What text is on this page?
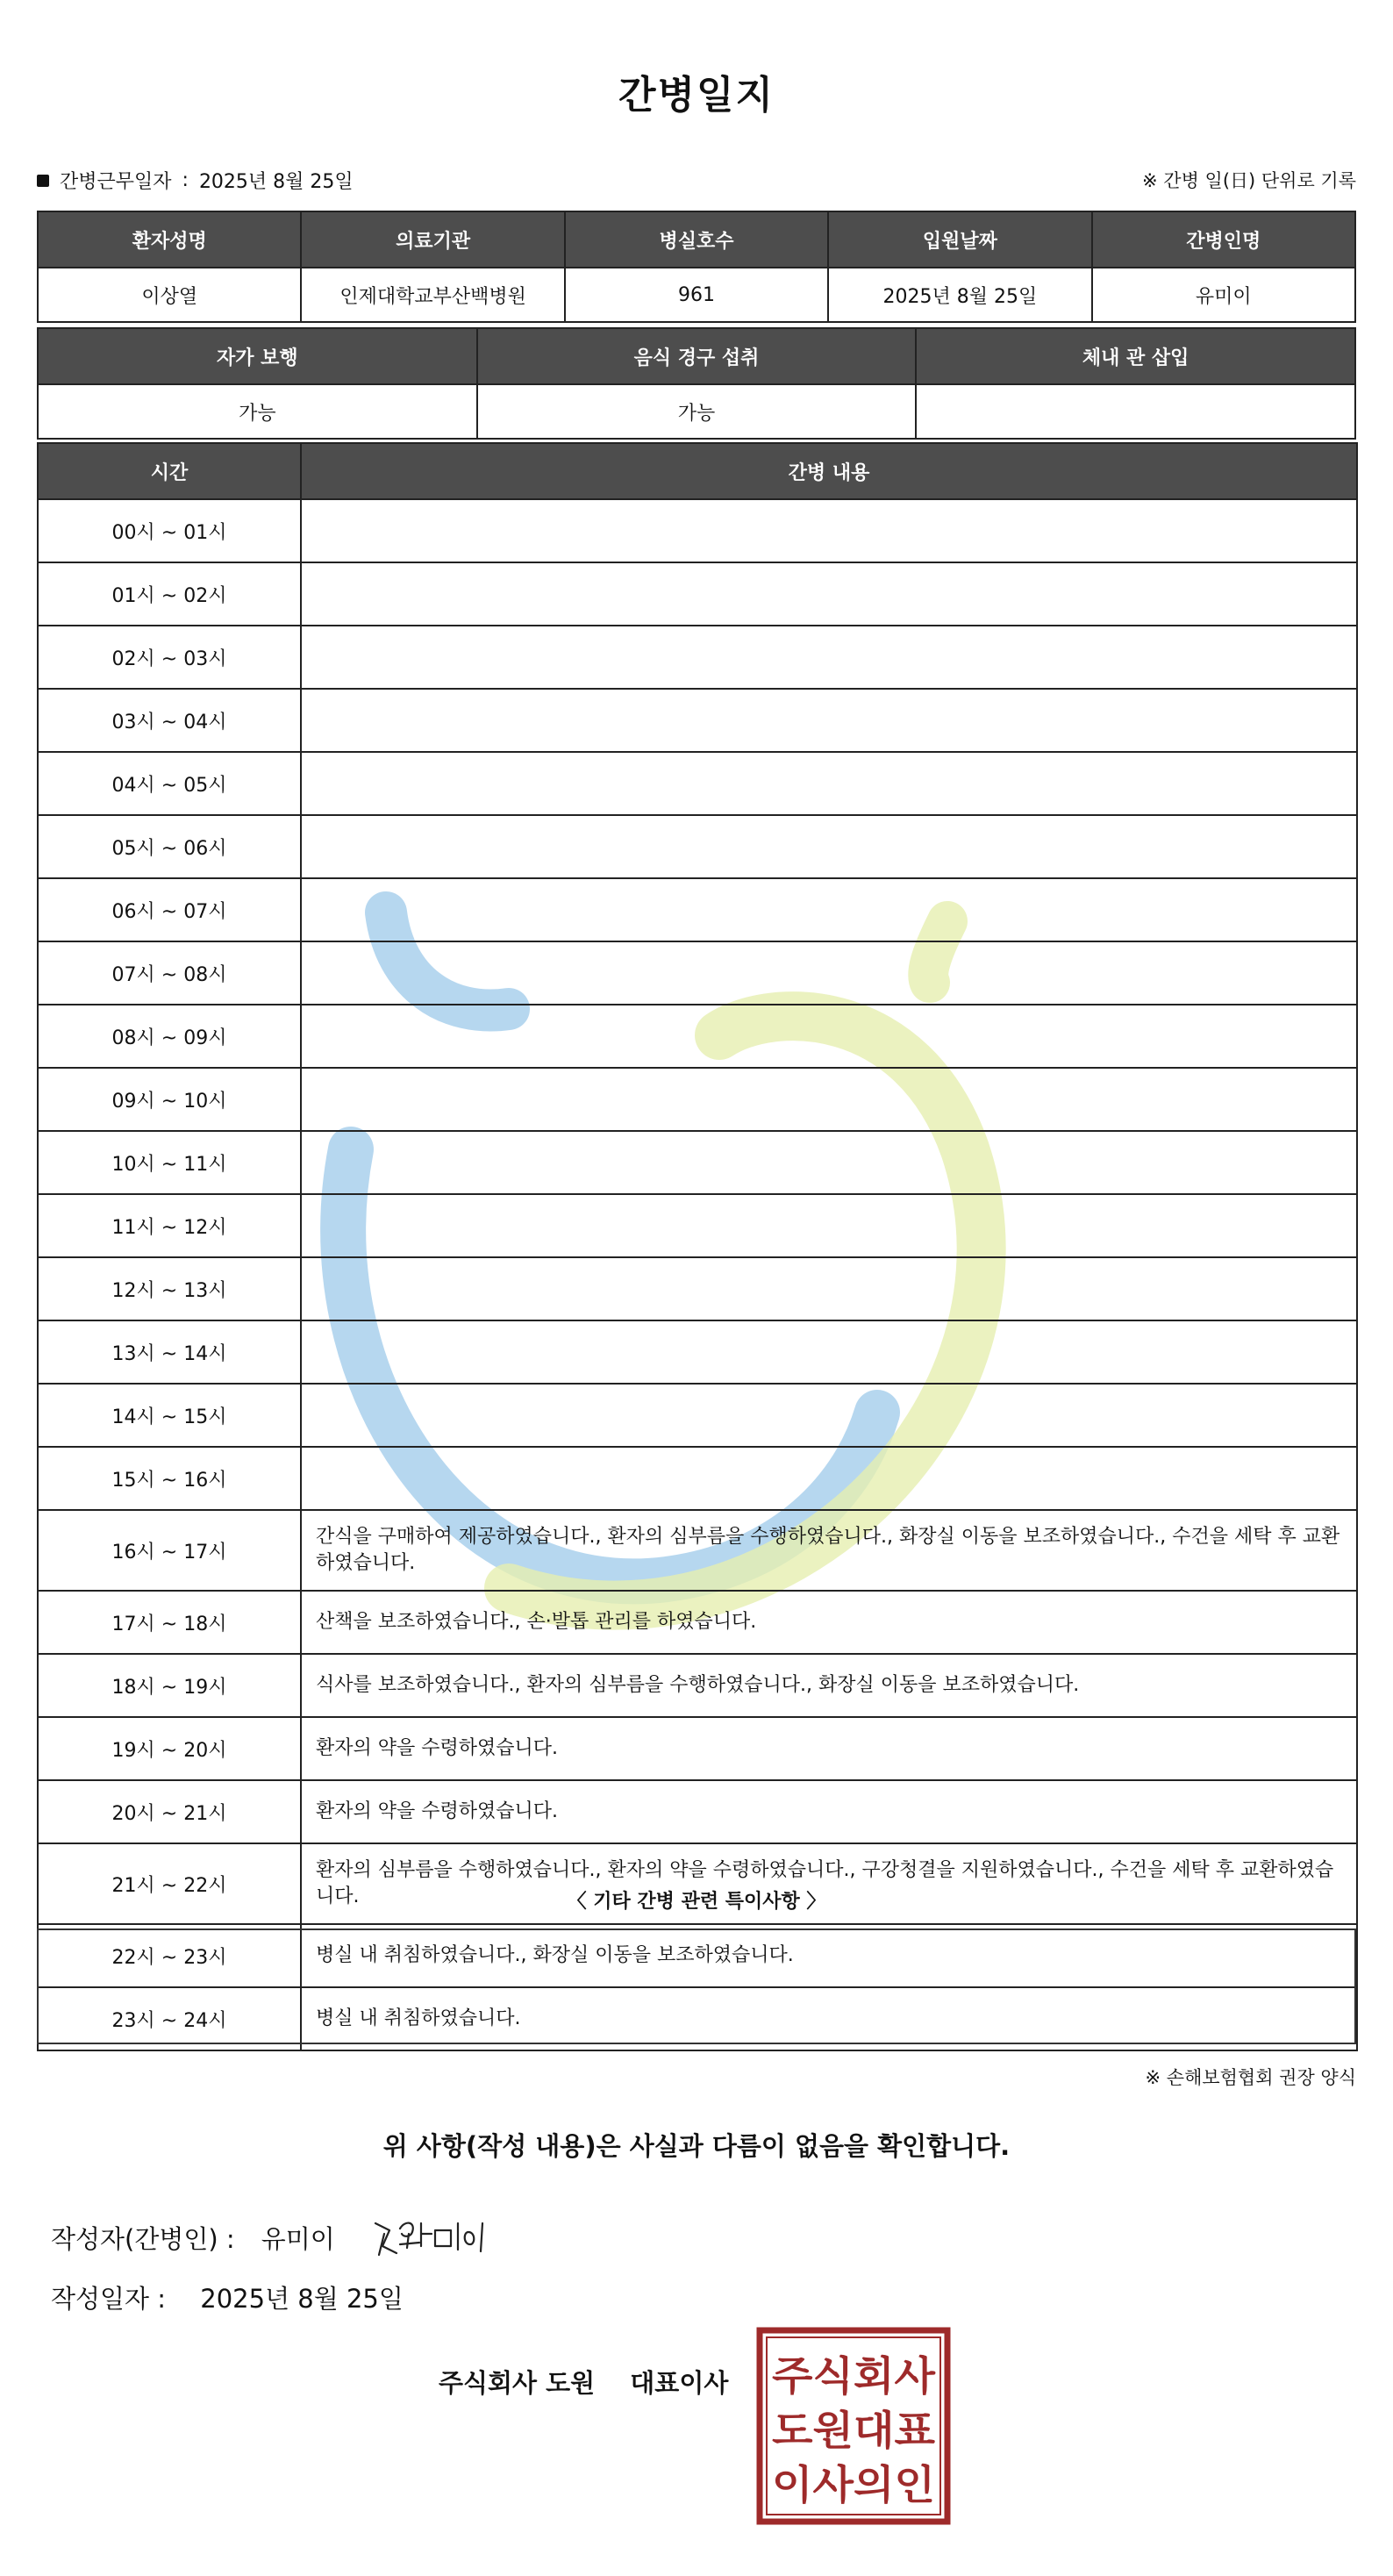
간병일지
간병근무일자 : 2025년 8월 25일	※ 간병 일(日) 단위로 기록
환자성명	의료기관	병실호수	입원날짜	간병인명
이상열	인제대학교부산백병원	961	2025년 8월 25일	유미이
자가 보행	음식 경구 섭취	체내 관 삽입
가능	가능	
시간	간병 내용
00시 ~ 01시	
01시 ~ 02시	
02시 ~ 03시	
03시 ~ 04시	
04시 ~ 05시	
05시 ~ 06시	
06시 ~ 07시	
07시 ~ 08시	
08시 ~ 09시	
09시 ~ 10시	
10시 ~ 11시	
11시 ~ 12시	
12시 ~ 13시	
13시 ~ 14시	
14시 ~ 15시	
15시 ~ 16시	
16시 ~ 17시	간식을 구매하여 제공하였습니다., 환자의 심부름을 수행하였습니다., 화장실 이동을 보조하였습니다., 수건을 세탁 후 교환하였습니다.
17시 ~ 18시	산책을 보조하였습니다., 손·발톱 관리를 하였습니다.
18시 ~ 19시	식사를 보조하였습니다., 환자의 심부름을 수행하였습니다., 화장실 이동을 보조하였습니다.
19시 ~ 20시	환자의 약을 수령하였습니다.
20시 ~ 21시	환자의 약을 수령하였습니다.
21시 ~ 22시	환자의 심부름을 수행하였습니다., 환자의 약을 수령하였습니다., 구강청결을 지원하였습니다., 수건을 세탁 후 교환하였습니다.
22시 ~ 23시	병실 내 취침하였습니다., 화장실 이동을 보조하였습니다.
23시 ~ 24시	병실 내 취침하였습니다.
〈 기타 간병 관련 특이사항 〉
※ 손해보험협회 권장 양식
위 사항(작성 내용)은 사실과 다름이 없음을 확인합니다.
작성자(간병인) : 유미이
작성일자 : 2025년 8월 25일
주식회사 도원 대표이사 주식회사
도원대표
이사의인
